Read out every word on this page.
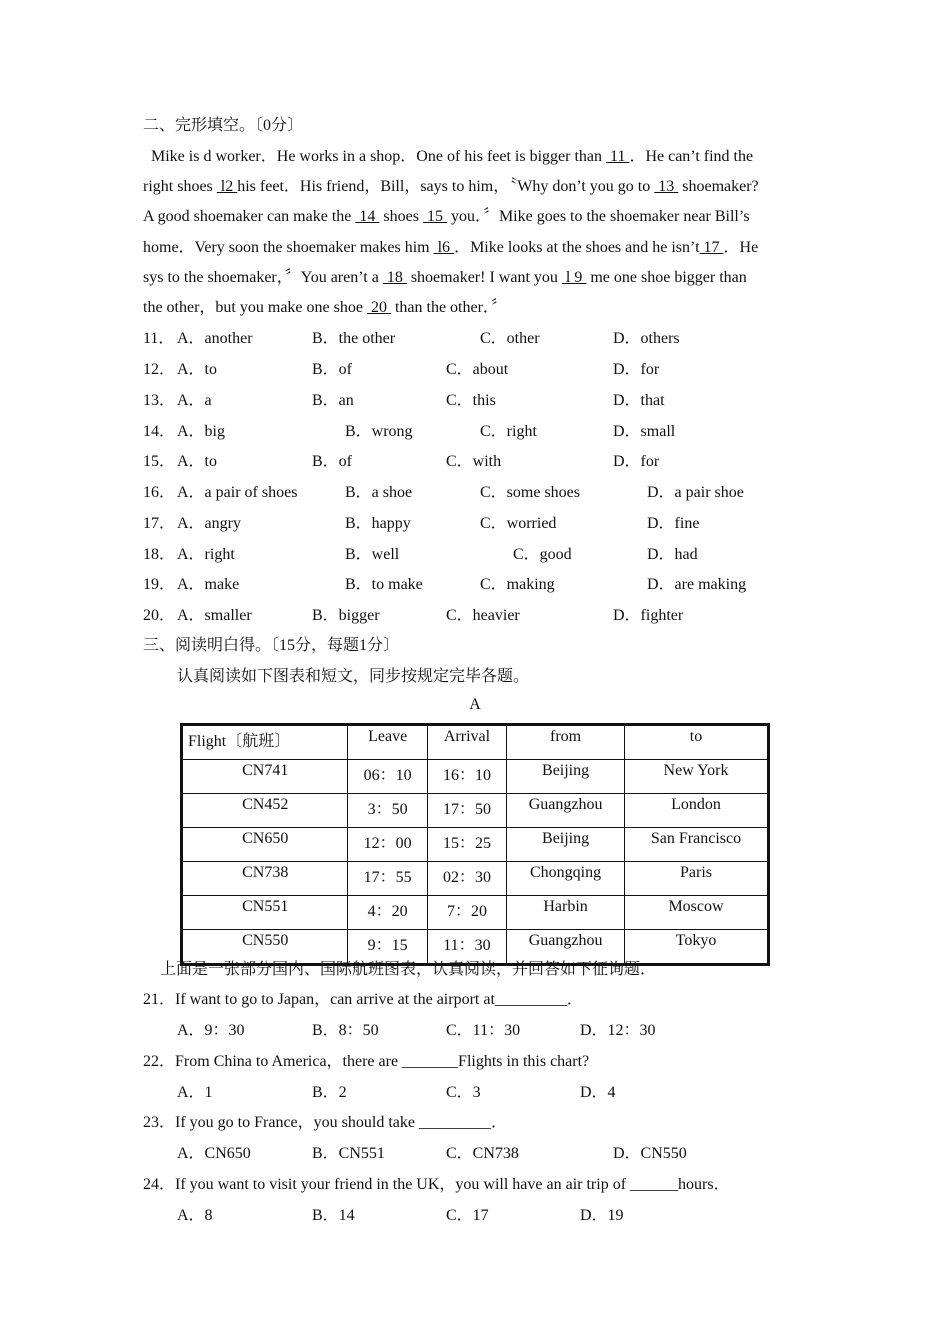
二、完形填空。〔0分〕
Mike is d worker．He works in a shop．One of his feet is bigger than  11 ．He can’t find the
right shoes  l2 his feet．His friend，Bill，says to him，〝Why don’t you go to  13  shoemaker?
A good shoemaker can make the  14  shoes  15  you．〞Mike goes to the shoemaker near Bill’s
home．Very soon the shoemaker makes him  l6 ．Mike looks at the shoes and he isn’t 17 ．He
sys to the shoemaker，〞You aren’t a  18  shoemaker! I want you  l 9  me one shoe bigger than
the other，but you make one shoe  20  than the other．〞
11． A．another	B．the other	C．other	D．others
12． A．to	B．of	C．about	D．for
13． A．a	B．an	C．this	D．that
14． A．big	B．wrong	C．right	D．small
15． A．to	B．of	C．with	D．for
16． A．a pair of shoes	B．a shoe	C．some shoes	D．a pair shoe
17． A．angry	B．happy	C．worried	D．fine
18． A．right	B．well	C．good	D．had
19． A．make	B．to make	C．making	D．are making
20． A．smaller	B．bigger	C．heavier	D．fighter
三、阅读明白得。〔15分，每题1分〕
认真阅读如下图表和短文，同步按规定完毕各题。
A
Flight〔航班〕	Leave	Arrival	from	to
CN741	06：10	16：10	Beijing	New York
CN452	3：50	17：50	Guangzhou	London
CN650	12：00	15：25	Beijing	San Francisco
CN738	17：55	02：30	Chongqing	Paris
CN551	4：20	7：20	Harbin	Moscow
CN550	9：15	11：30	Guangzhou	Tokyo
上面是一张部分国内、国际航班图表，认真阅读，并回答如下征询题．
21．If want to go to Japan，can arrive at the airport at_________．
A．9：30	B．8：50	C．11：30	D．12：30
22．From China to America，there are _______Flights in this chart?
A．1	B．2	C．3	D．4
23．If you go to France，you should take _________．
A．CN650	B．CN551	C．CN738	D．CN550
24．If you want to visit your friend in the UK，you will have an air trip of ______hours．
A．8	B．14	C．17	D．19
